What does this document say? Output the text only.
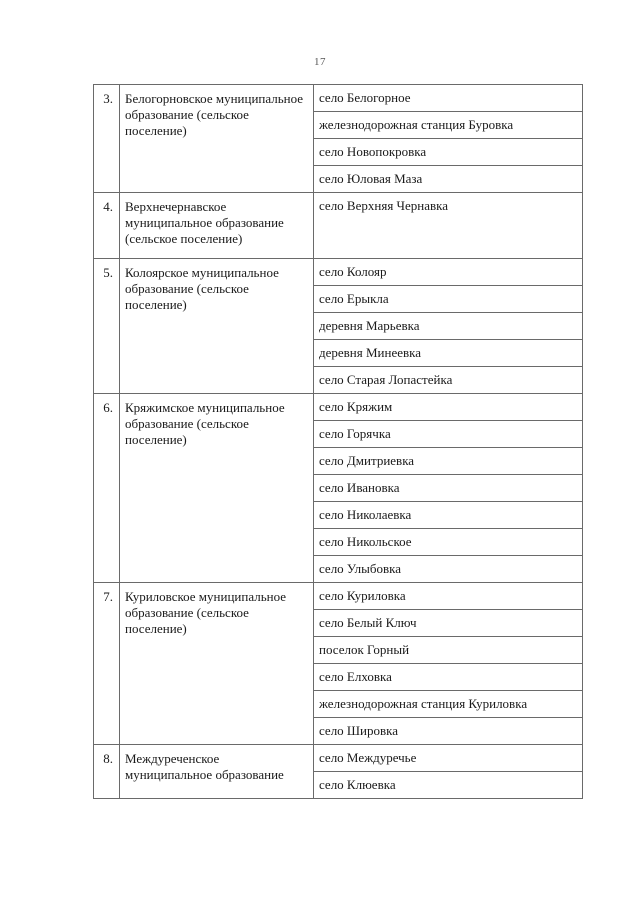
17
3.	Белогорновское муниципальное образование (сельское поселение)	село Белогорное
		железнодорожная станция Буровка
		село Новопокровка
		село Юловая Маза
4.	Верхнечернавское муниципальное образование (сельское поселение)	село Верхняя Чернавка
5.	Колоярское муниципальное образование (сельское поселение)	село Колояр
		село Ерыкла
		деревня Марьевка
		деревня Минеевка
		село Старая Лопастейка
6.	Кряжимское муниципальное образование (сельское поселение)	село Кряжим
		село Горячка
		село Дмитриевка
		село Ивановка
		село Николаевка
		село Никольское
		село Улыбовка
7.	Куриловское муниципальное образование (сельское поселение)	село Куриловка
		село Белый Ключ
		поселок Горный
		село Елховка
		железнодорожная станция Куриловка
		село Шировка
8.	Междуреченское муниципальное образование	село Междуречье
		село Клюевка
